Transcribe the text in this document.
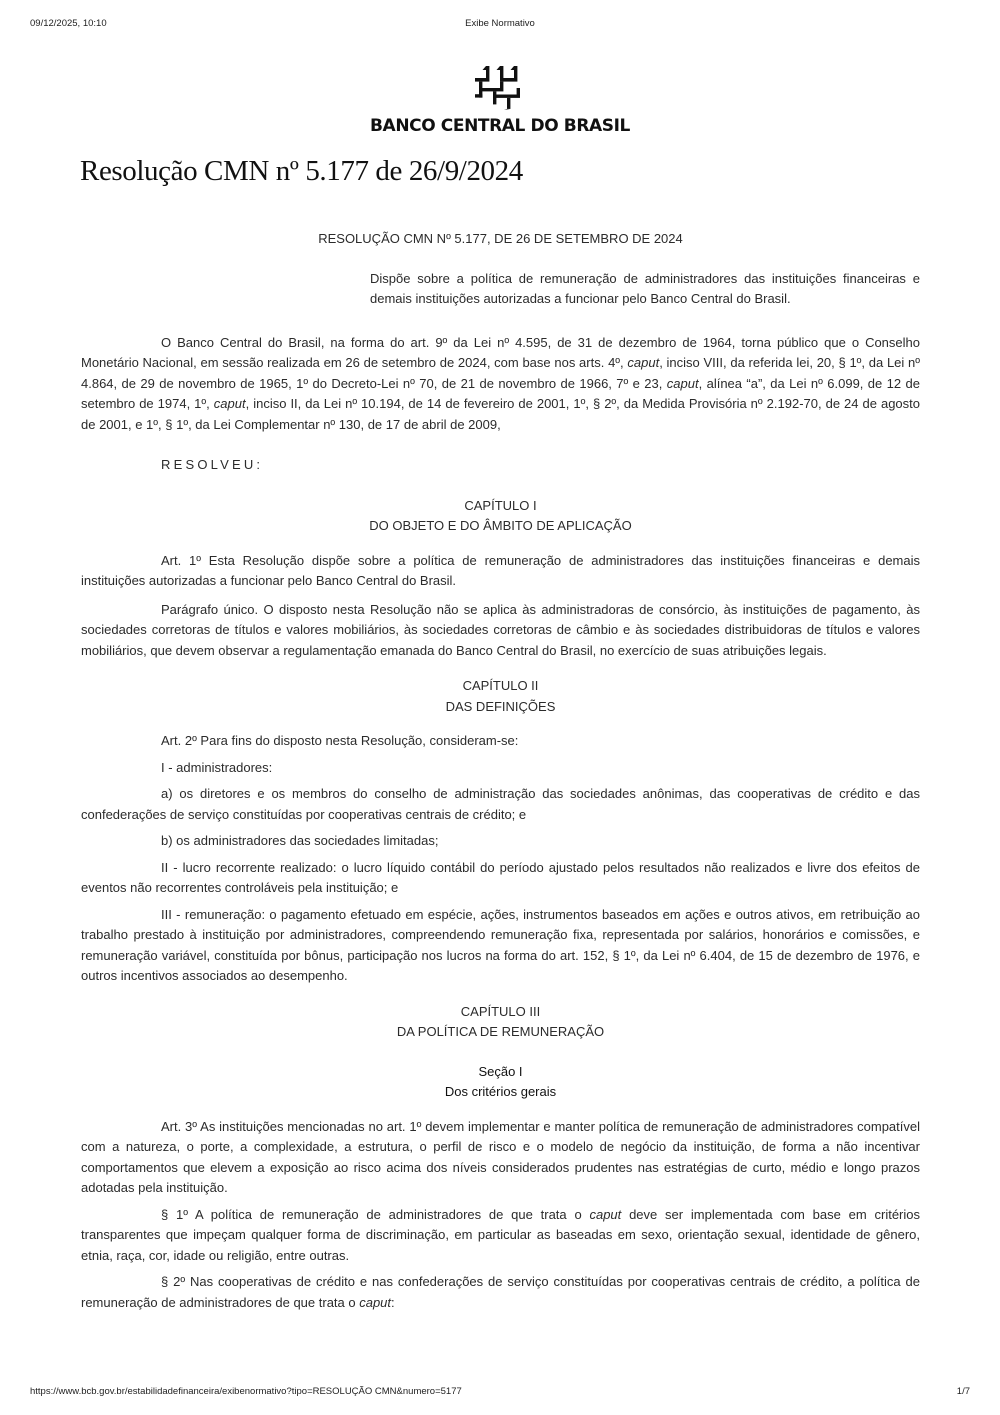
09/12/2025, 10:10	Exibe Normativo
BANCO CENTRAL DO BRASIL
Resolução CMN nº 5.177 de 26/9/2024

RESOLUÇÃO CMN Nº 5.177, DE 26 DE SETEMBRO DE 2024

Dispõe sobre a política de remuneração de administradores das instituições financeiras e demais instituições autorizadas a funcionar pelo Banco Central do Brasil.

O Banco Central do Brasil, na forma do art. 9º da Lei nº 4.595, de 31 de dezembro de 1964, torna público que o Conselho Monetário Nacional, em sessão realizada em 26 de setembro de 2024, com base nos arts. 4º, caput, inciso VIII, da referida lei, 20, § 1º, da Lei nº 4.864, de 29 de novembro de 1965, 1º do Decreto-Lei nº 70, de 21 de novembro de 1966, 7º e 23, caput, alínea “a”, da Lei nº 6.099, de 12 de setembro de 1974, 1º, caput, inciso II, da Lei nº 10.194, de 14 de fevereiro de 2001, 1º, § 2º, da Medida Provisória nº 2.192-70, de 24 de agosto de 2001, e 1º, § 1º, da Lei Complementar nº 130, de 17 de abril de 2009,

RESOLVEU:

CAPÍTULO I

DO OBJETO E DO ÂMBITO DE APLICAÇÃO

Art. 1º Esta Resolução dispõe sobre a política de remuneração de administradores das instituições financeiras e demais instituições autorizadas a funcionar pelo Banco Central do Brasil.

Parágrafo único. O disposto nesta Resolução não se aplica às administradoras de consórcio, às instituições de pagamento, às sociedades corretoras de títulos e valores mobiliários, às sociedades corretoras de câmbio e às sociedades distribuidoras de títulos e valores mobiliários, que devem observar a regulamentação emanada do Banco Central do Brasil, no exercício de suas atribuições legais.

CAPÍTULO II

DAS DEFINIÇÕES

Art. 2º Para fins do disposto nesta Resolução, consideram-se:

I - administradores:

a) os diretores e os membros do conselho de administração das sociedades anônimas, das cooperativas de crédito e das confederações de serviço constituídas por cooperativas centrais de crédito; e

b) os administradores das sociedades limitadas;

II - lucro recorrente realizado: o lucro líquido contábil do período ajustado pelos resultados não realizados e livre dos efeitos de eventos não recorrentes controláveis pela instituição; e

III - remuneração: o pagamento efetuado em espécie, ações, instrumentos baseados em ações e outros ativos, em retribuição ao trabalho prestado à instituição por administradores, compreendendo remuneração fixa, representada por salários, honorários e comissões, e remuneração variável, constituída por bônus, participação nos lucros na forma do art. 152, § 1º, da Lei nº 6.404, de 15 de dezembro de 1976, e outros incentivos associados ao desempenho.

CAPÍTULO III

DA POLÍTICA DE REMUNERAÇÃO

Seção I

Dos critérios gerais

Art. 3º As instituições mencionadas no art. 1º devem implementar e manter política de remuneração de administradores compatível com a natureza, o porte, a complexidade, a estrutura, o perfil de risco e o modelo de negócio da instituição, de forma a não incentivar comportamentos que elevem a exposição ao risco acima dos níveis considerados prudentes nas estratégias de curto, médio e longo prazos adotadas pela instituição.

§ 1º A política de remuneração de administradores de que trata o caput deve ser implementada com base em critérios transparentes que impeçam qualquer forma de discriminação, em particular as baseadas em sexo, orientação sexual, identidade de gênero, etnia, raça, cor, idade ou religião, entre outras.

§ 2º Nas cooperativas de crédito e nas confederações de serviço constituídas por cooperativas centrais de crédito, a política de remuneração de administradores de que trata o caput:

https://www.bcb.gov.br/estabilidadefinanceira/exibenormativo?tipo=RESOLUÇÃO CMN&numero=5177	1/7
